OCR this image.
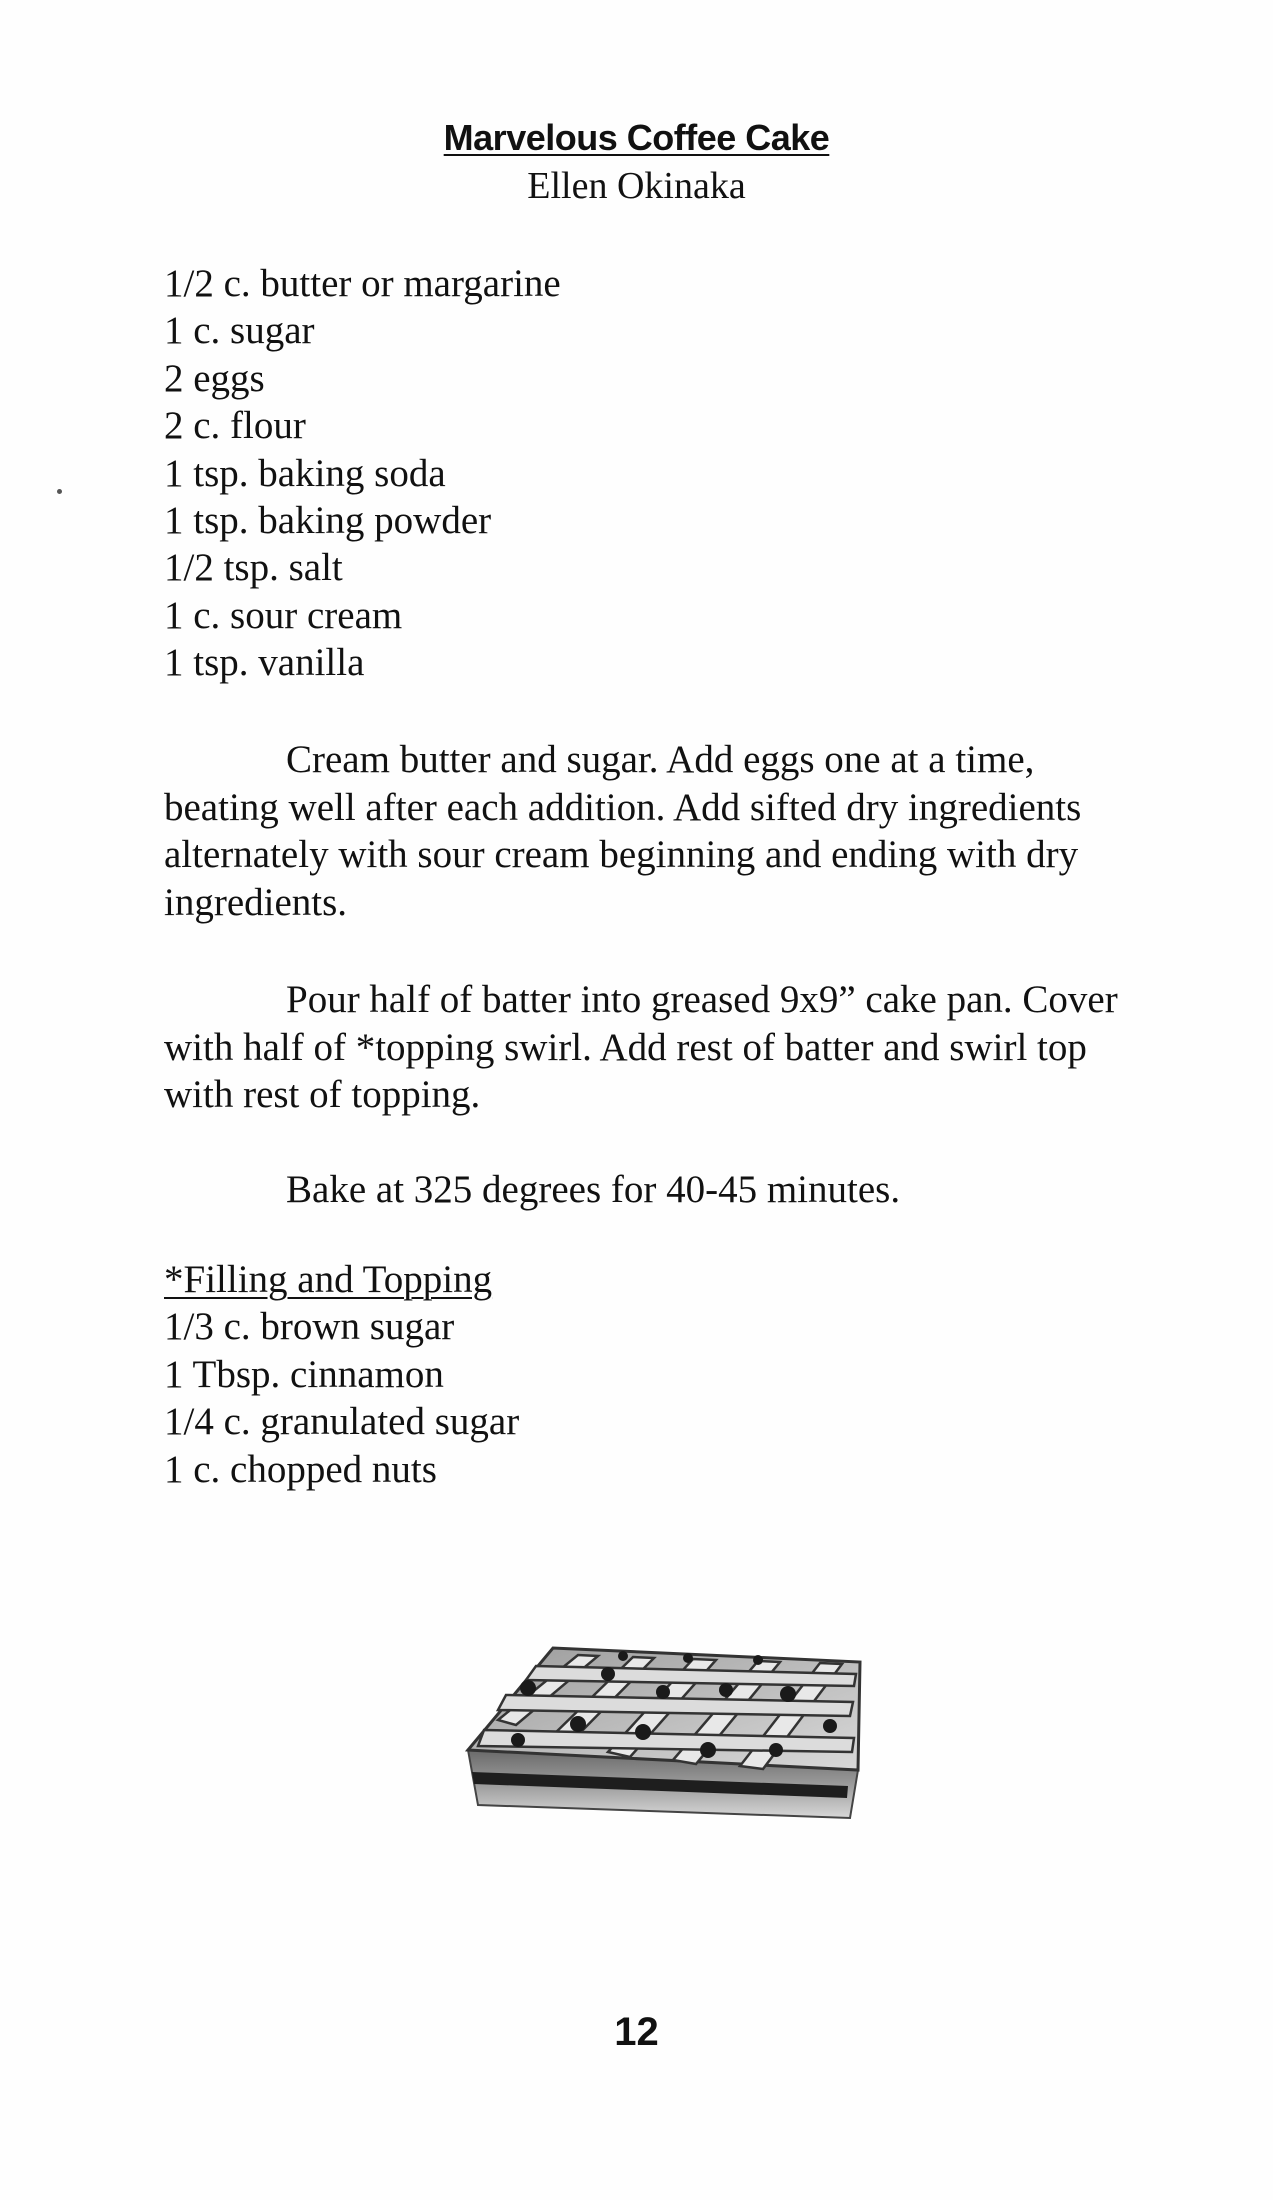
Marvelous Coffee Cake
Ellen Okinaka
1/2 c. butter or margarine
1 c. sugar
2 eggs
2 c. flour
1 tsp. baking soda
1 tsp. baking powder
1/2 tsp. salt
1 c. sour cream
1 tsp. vanilla

Cream butter and sugar. Add eggs one at a time, beating well after each addition. Add sifted dry ingredients alternately with sour cream beginning and ending with dry ingredients.

Pour half of batter into greased 9x9” cake pan. Cover with half of *topping swirl. Add rest of batter and swirl top with rest of topping.

Bake at 325 degrees for 40-45 minutes.

*Filling and Topping
1/3 c. brown sugar
1 Tbsp. cinnamon
1/4 c. granulated sugar
1 c. chopped nuts
12
